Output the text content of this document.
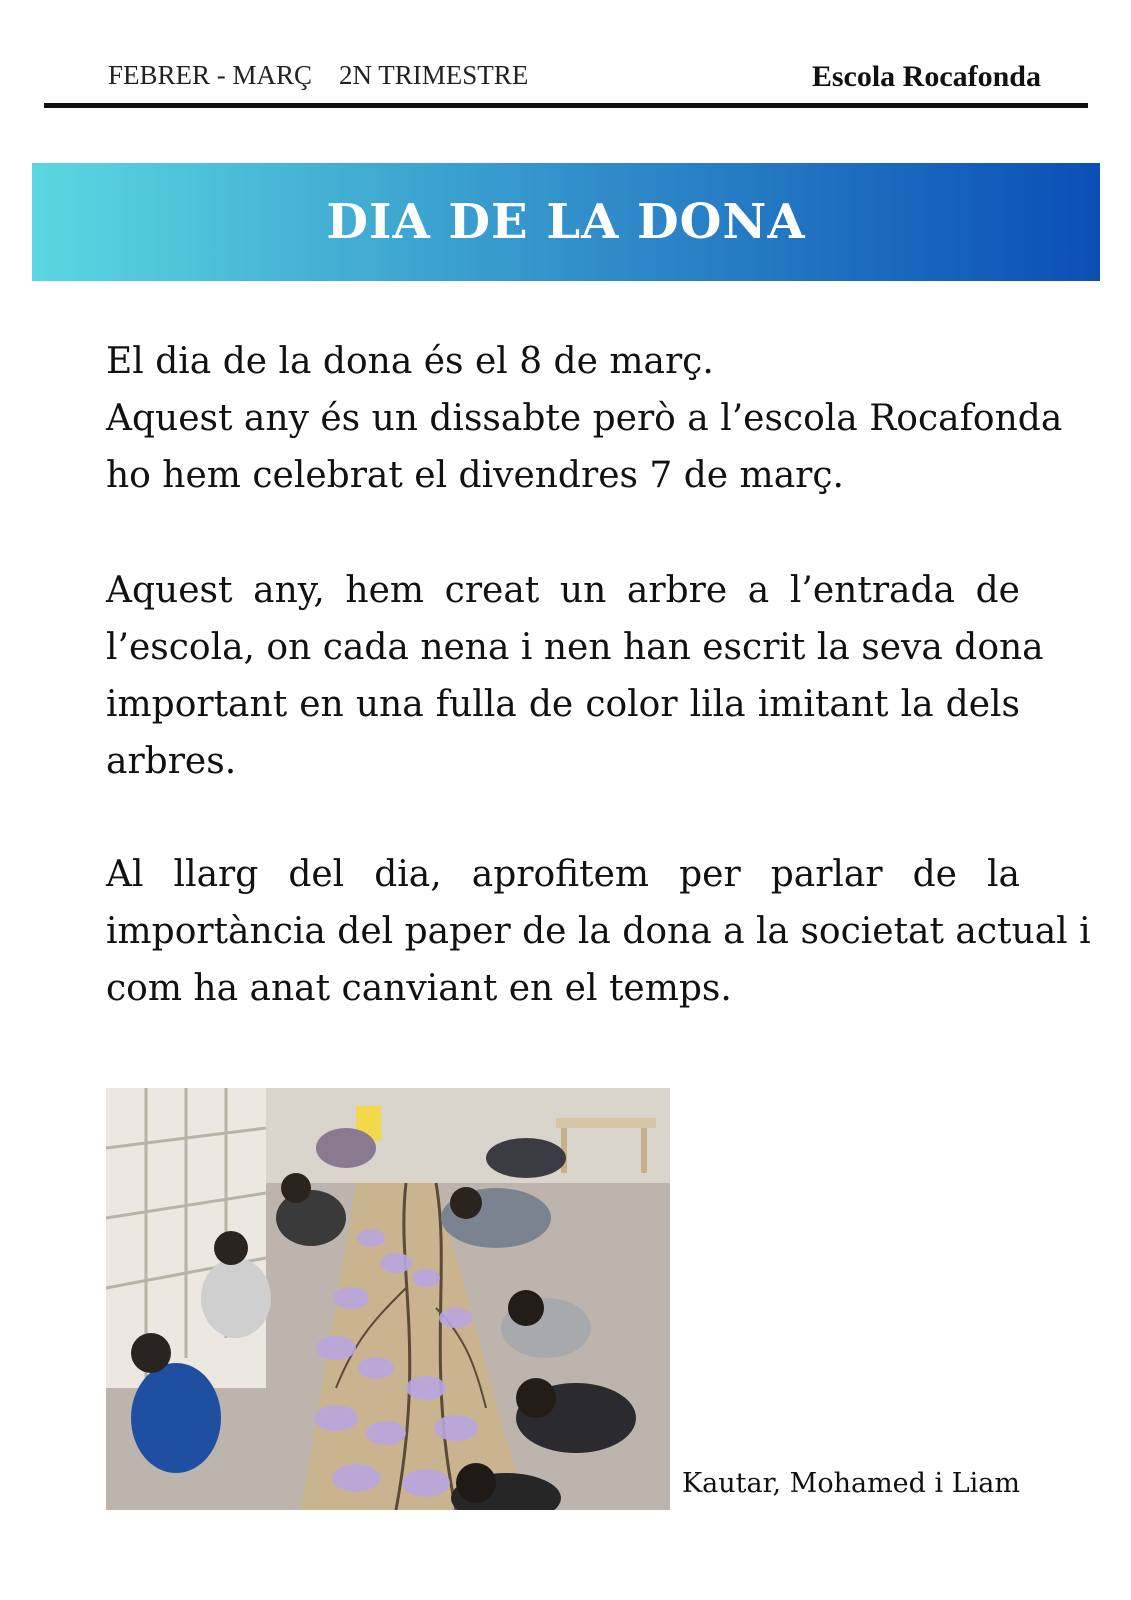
FEBRER - MARÇ    2N TRIMESTRE	Escola Rocafonda
DIA DE LA DONA
El dia de la dona és el 8 de març.
Aquest any és un dissabte però a l’escola Rocafonda
ho hem celebrat el divendres 7 de març.
Aquest any, hem creat un arbre a l’entrada de
l’escola, on cada nena i nen han escrit la seva dona
important en una fulla de color lila imitant la dels
arbres.
Al llarg del dia, aprofitem per parlar de la
importància del paper de la dona a la societat actual i
com ha anat canviant en el temps.
Kautar, Mohamed i Liam
